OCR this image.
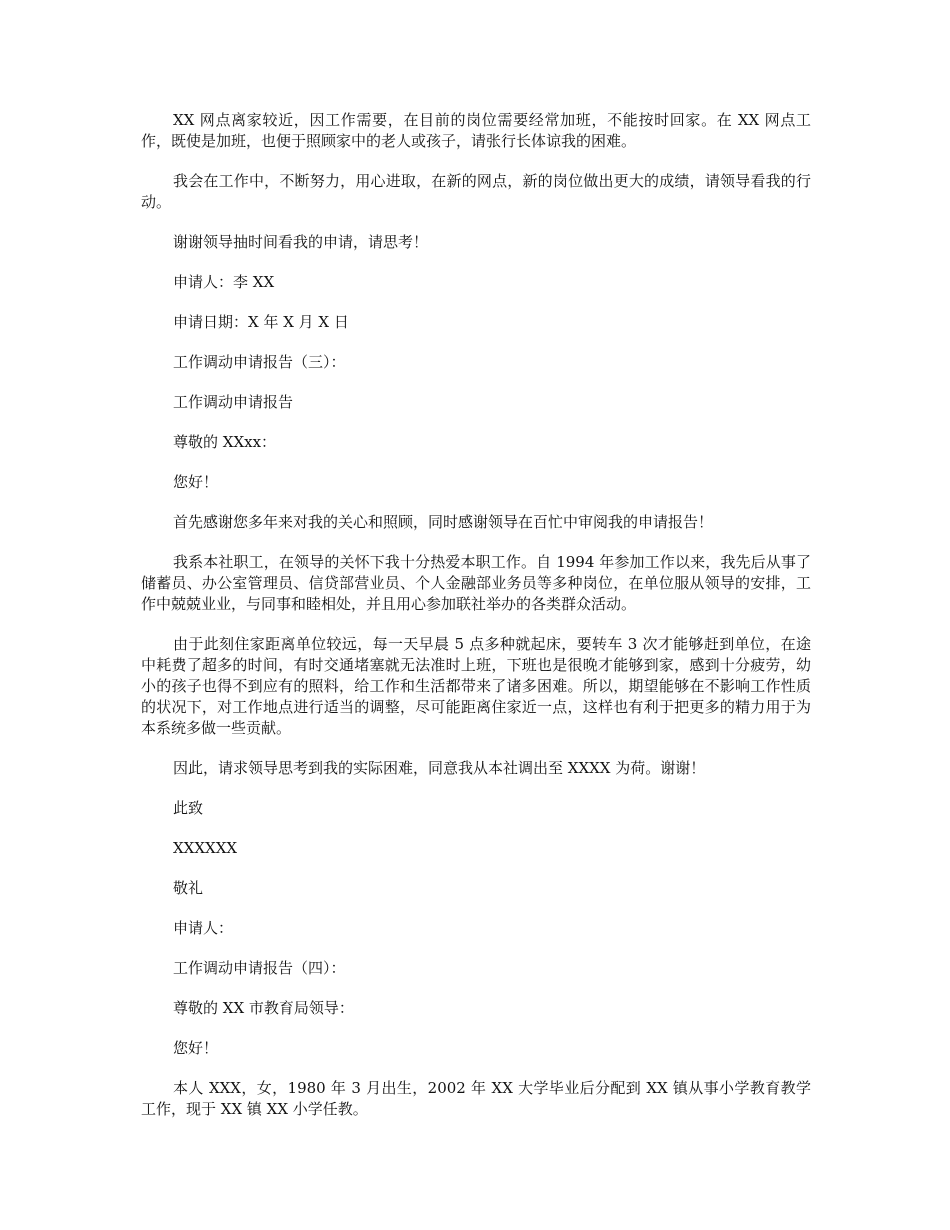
XX 网点离家较近，因工作需要，在目前的岗位需要经常加班，不能按时回家。在 XX 网点工作，既使是加班，也便于照顾家中的老人或孩子，请张行长体谅我的困难。

我会在工作中，不断努力，用心进取，在新的网点，新的岗位做出更大的成绩，请领导看我的行动。

谢谢领导抽时间看我的申请，请思考！

申请人：李 XX

申请日期：X 年 X 月 X 日

工作调动申请报告（三）：

工作调动申请报告

尊敬的 XXxx：

您好！

首先感谢您多年来对我的关心和照顾，同时感谢领导在百忙中审阅我的申请报告！

我系本社职工，在领导的关怀下我十分热爱本职工作。自 1994 年参加工作以来，我先后从事了储蓄员、办公室管理员、信贷部营业员、个人金融部业务员等多种岗位，在单位服从领导的安排，工作中兢兢业业，与同事和睦相处，并且用心参加联社举办的各类群众活动。

由于此刻住家距离单位较远，每一天早晨 5 点多种就起床，要转车 3 次才能够赶到单位，在途中耗费了超多的时间，有时交通堵塞就无法准时上班，下班也是很晚才能够到家，感到十分疲劳，幼小的孩子也得不到应有的照料，给工作和生活都带来了诸多困难。所以，期望能够在不影响工作性质的状况下，对工作地点进行适当的调整，尽可能距离住家近一点，这样也有利于把更多的精力用于为本系统多做一些贡献。

因此，请求领导思考到我的实际困难，同意我从本社调出至 XXXX 为荷。谢谢！

此致

XXXXXX

敬礼

申请人：

工作调动申请报告（四）：

尊敬的 XX 市教育局领导：

您好！

本人 XXX，女，1980 年 3 月出生，2002 年 XX 大学毕业后分配到 XX 镇从事小学教育教学工作，现于 XX 镇 XX 小学任教。
